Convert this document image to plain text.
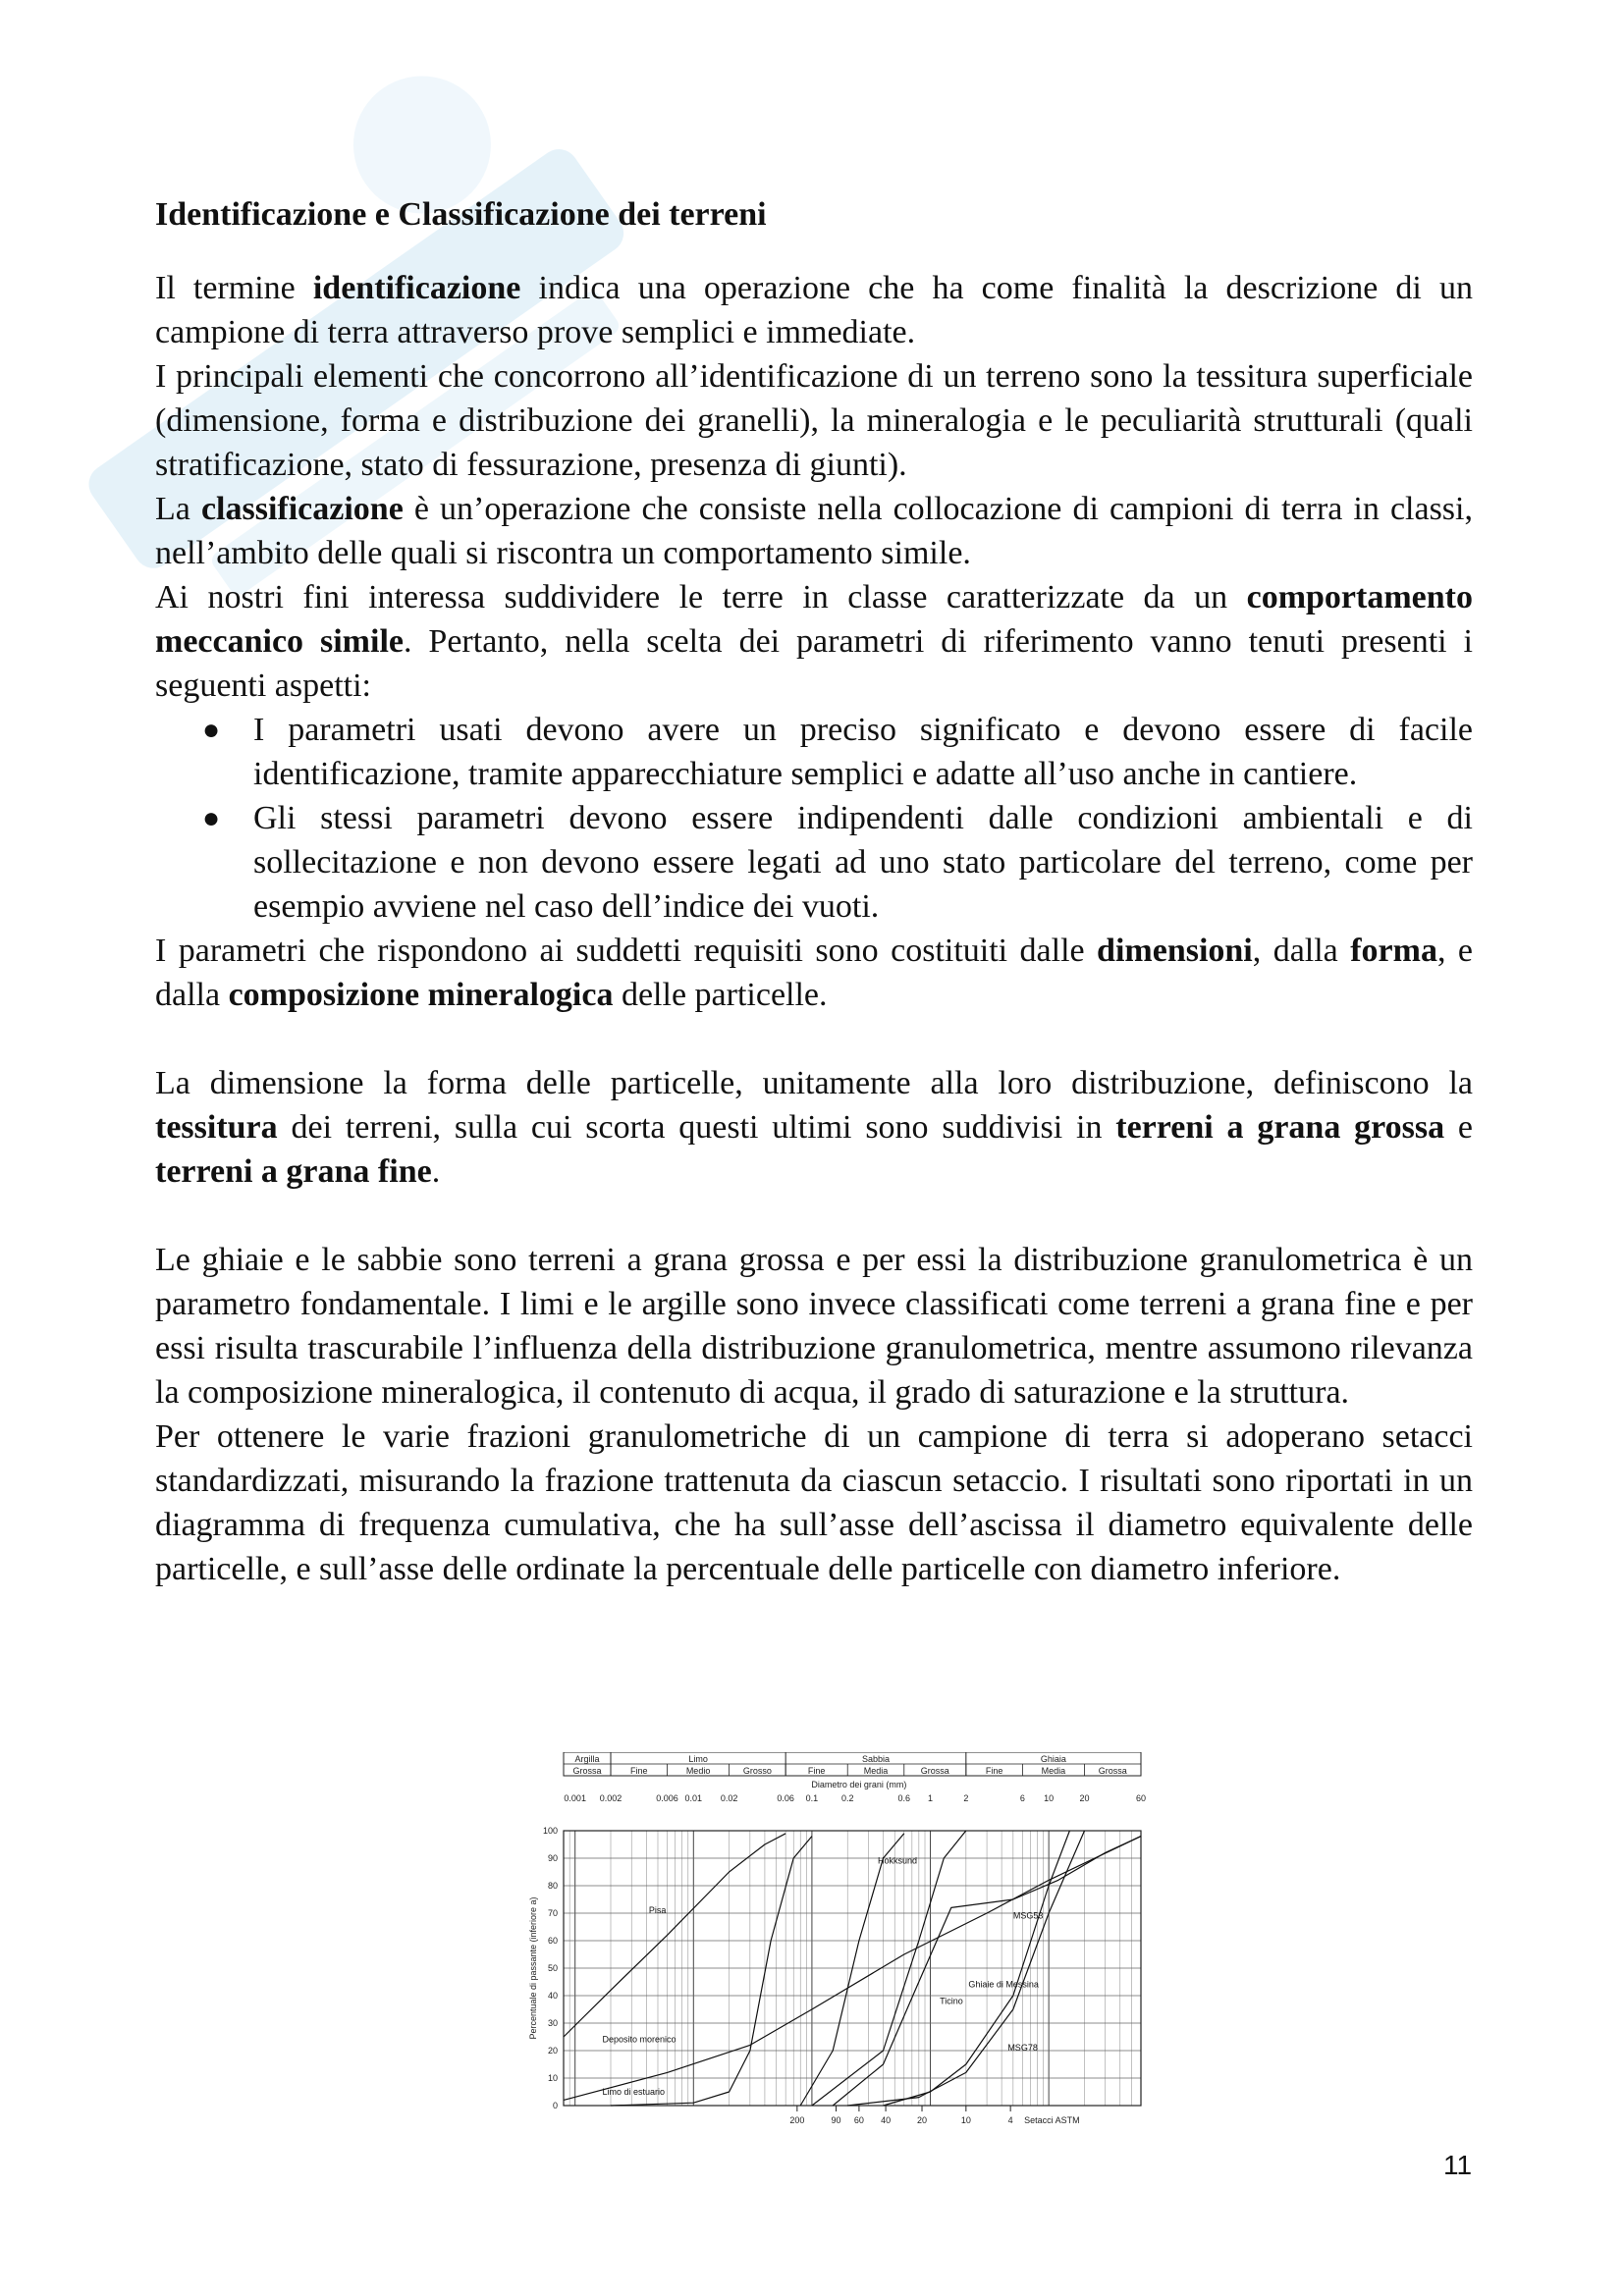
Identificazione e Classificazione dei terreni

Il termine identificazione indica una operazione che ha come finalità la descrizione di un campione di terra attraverso prove semplici e immediate.

I principali elementi che concorrono all’identificazione di un terreno sono la tessitura superficiale (dimensione, forma e distribuzione dei granelli), la mineralogia e le peculiarità strutturali (quali stratificazione, stato di fessurazione, presenza di giunti).

La classificazione è un’operazione che consiste nella collocazione di campioni di terra in classi, nell’ambito delle quali si riscontra un comportamento simile.

Ai nostri fini interessa suddividere le terre in classe caratterizzate da un comportamento meccanico simile. Pertanto, nella scelta dei parametri di riferimento vanno tenuti presenti i seguenti aspetti:

● I parametri usati devono avere un preciso significato e devono essere di facile identificazione, tramite apparecchiature semplici e adatte all’uso anche in cantiere.
● Gli stessi parametri devono essere indipendenti dalle condizioni ambientali e di sollecitazione e non devono essere legati ad uno stato particolare del terreno, come per esempio avviene nel caso dell’indice dei vuoti.

I parametri che rispondono ai suddetti requisiti sono costituiti dalle dimensioni, dalla forma, e dalla composizione mineralogica delle particelle.

La dimensione la forma delle particelle, unitamente alla loro distribuzione, definiscono la tessitura dei terreni, sulla cui scorta questi ultimi sono suddivisi in terreni a grana grossa e terreni a grana fine.

Le ghiaie e le sabbie sono terreni a grana grossa e per essi la distribuzione granulometrica è un parametro fondamentale. I limi e le argille sono invece classificati come terreni a grana fine e per essi risulta trascurabile l’influenza della distribuzione granulometrica, mentre assumono rilevanza la composizione mineralogica, il contenuto di acqua, il grado di saturazione e la struttura.

Per ottenere le varie frazioni granulometriche di un campione di terra si adoperano setacci standardizzati, misurando la frazione trattenuta da ciascun setaccio. I risultati sono riportati in un diagramma di frequenza cumulativa, che ha sull’asse dell’ascissa il diametro equivalente delle particelle, e sull’asse delle ordinate la percentuale delle particelle con diametro inferiore.

Argilla
Grossa
Limo
Fine	Medio	Grosso
Sabbia
Fine	Media	Grossa
Ghiaia
Fine	Media	Grossa
Diametro dei grani (mm)
0.001 0.002	0.006 0.01 0.02	0.06 0.1	0.2	0.6 1	2	6 10	20	60
0
10
20
30
40
50
60
70
80
90
100
Percentuale di passante (inferiore a)
200	90 60 40	20	10	4 Setacci ASTM
Pisa
Deposito morenico
Limo di estuario
Hokksund
MSG53
Ticino
Ghiaie di Messina
MSG78
11
